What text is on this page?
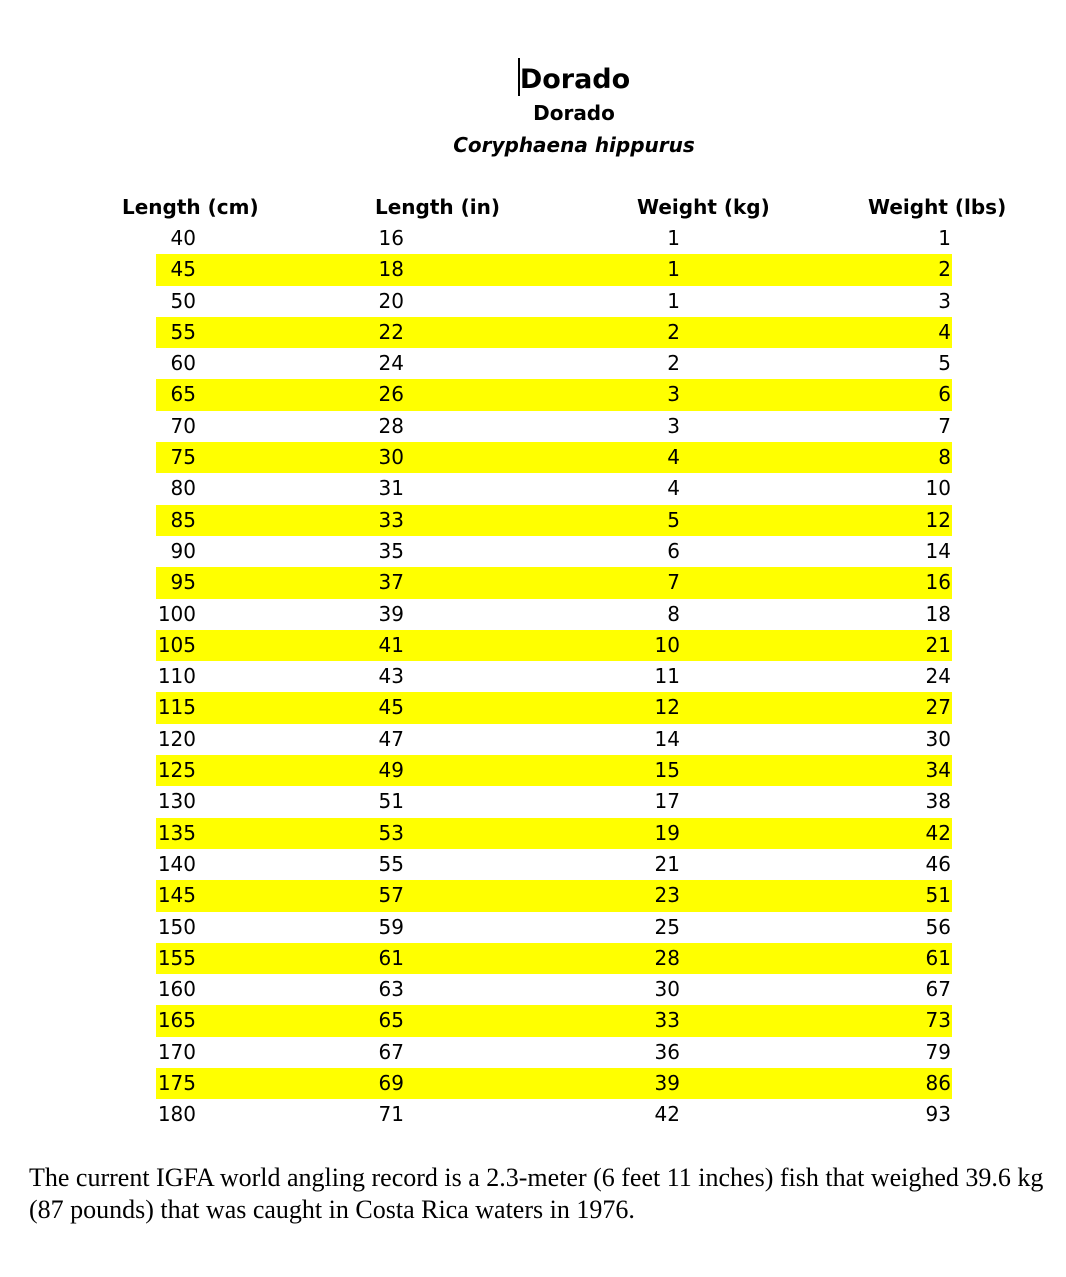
Dorado
Dorado
Coryphaena hippurus
Length (cm)	Length (in)	Weight (kg)	Weight (lbs)
40	16	1	1
45	18	1	2
50	20	1	3
55	22	2	4
60	24	2	5
65	26	3	6
70	28	3	7
75	30	4	8
80	31	4	10
85	33	5	12
90	35	6	14
95	37	7	16
100	39	8	18
105	41	10	21
110	43	11	24
115	45	12	27
120	47	14	30
125	49	15	34
130	51	17	38
135	53	19	42
140	55	21	46
145	57	23	51
150	59	25	56
155	61	28	61
160	63	30	67
165	65	33	73
170	67	36	79
175	69	39	86
180	71	42	93
The current IGFA world angling record is a 2.3-meter (6 feet 11 inches) fish that weighed 39.6 kg (87 pounds) that was caught in Costa Rica waters in 1976.
